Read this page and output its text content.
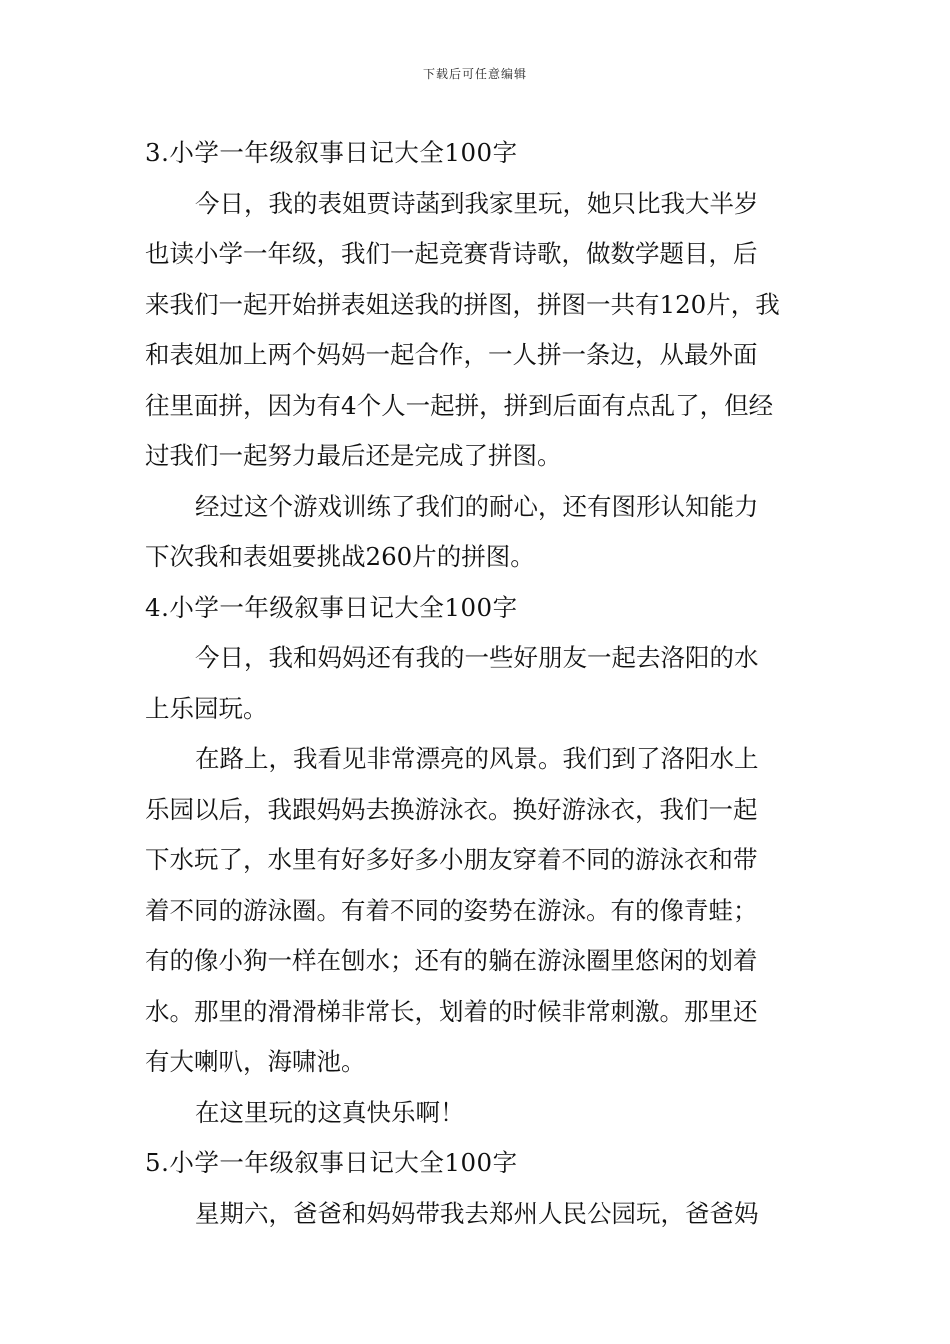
下载后可任意编辑
3.小学一年级叙事日记大全100字
今日，我的表姐贾诗菡到我家里玩，她只比我大半岁
也读小学一年级，我们一起竞赛背诗歌，做数学题目，后
来我们一起开始拼表姐送我的拼图，拼图一共有120片，我
和表姐加上两个妈妈一起合作，一人拼一条边，从最外面
往里面拼，因为有4个人一起拼，拼到后面有点乱了，但经
过我们一起努力最后还是完成了拼图。
经过这个游戏训练了我们的耐心，还有图形认知能力
下次我和表姐要挑战260片的拼图。
4.小学一年级叙事日记大全100字
今日，我和妈妈还有我的一些好朋友一起去洛阳的水
上乐园玩。
在路上，我看见非常漂亮的风景。我们到了洛阳水上
乐园以后，我跟妈妈去换游泳衣。换好游泳衣，我们一起
下水玩了，水里有好多好多小朋友穿着不同的游泳衣和带
着不同的游泳圈。有着不同的姿势在游泳。有的像青蛙；
有的像小狗一样在刨水；还有的躺在游泳圈里悠闲的划着
水。那里的滑滑梯非常长，划着的时候非常刺激。那里还
有大喇叭，海啸池。
在这里玩的这真快乐啊！
5.小学一年级叙事日记大全100字
星期六，爸爸和妈妈带我去郑州人民公园玩，爸爸妈
